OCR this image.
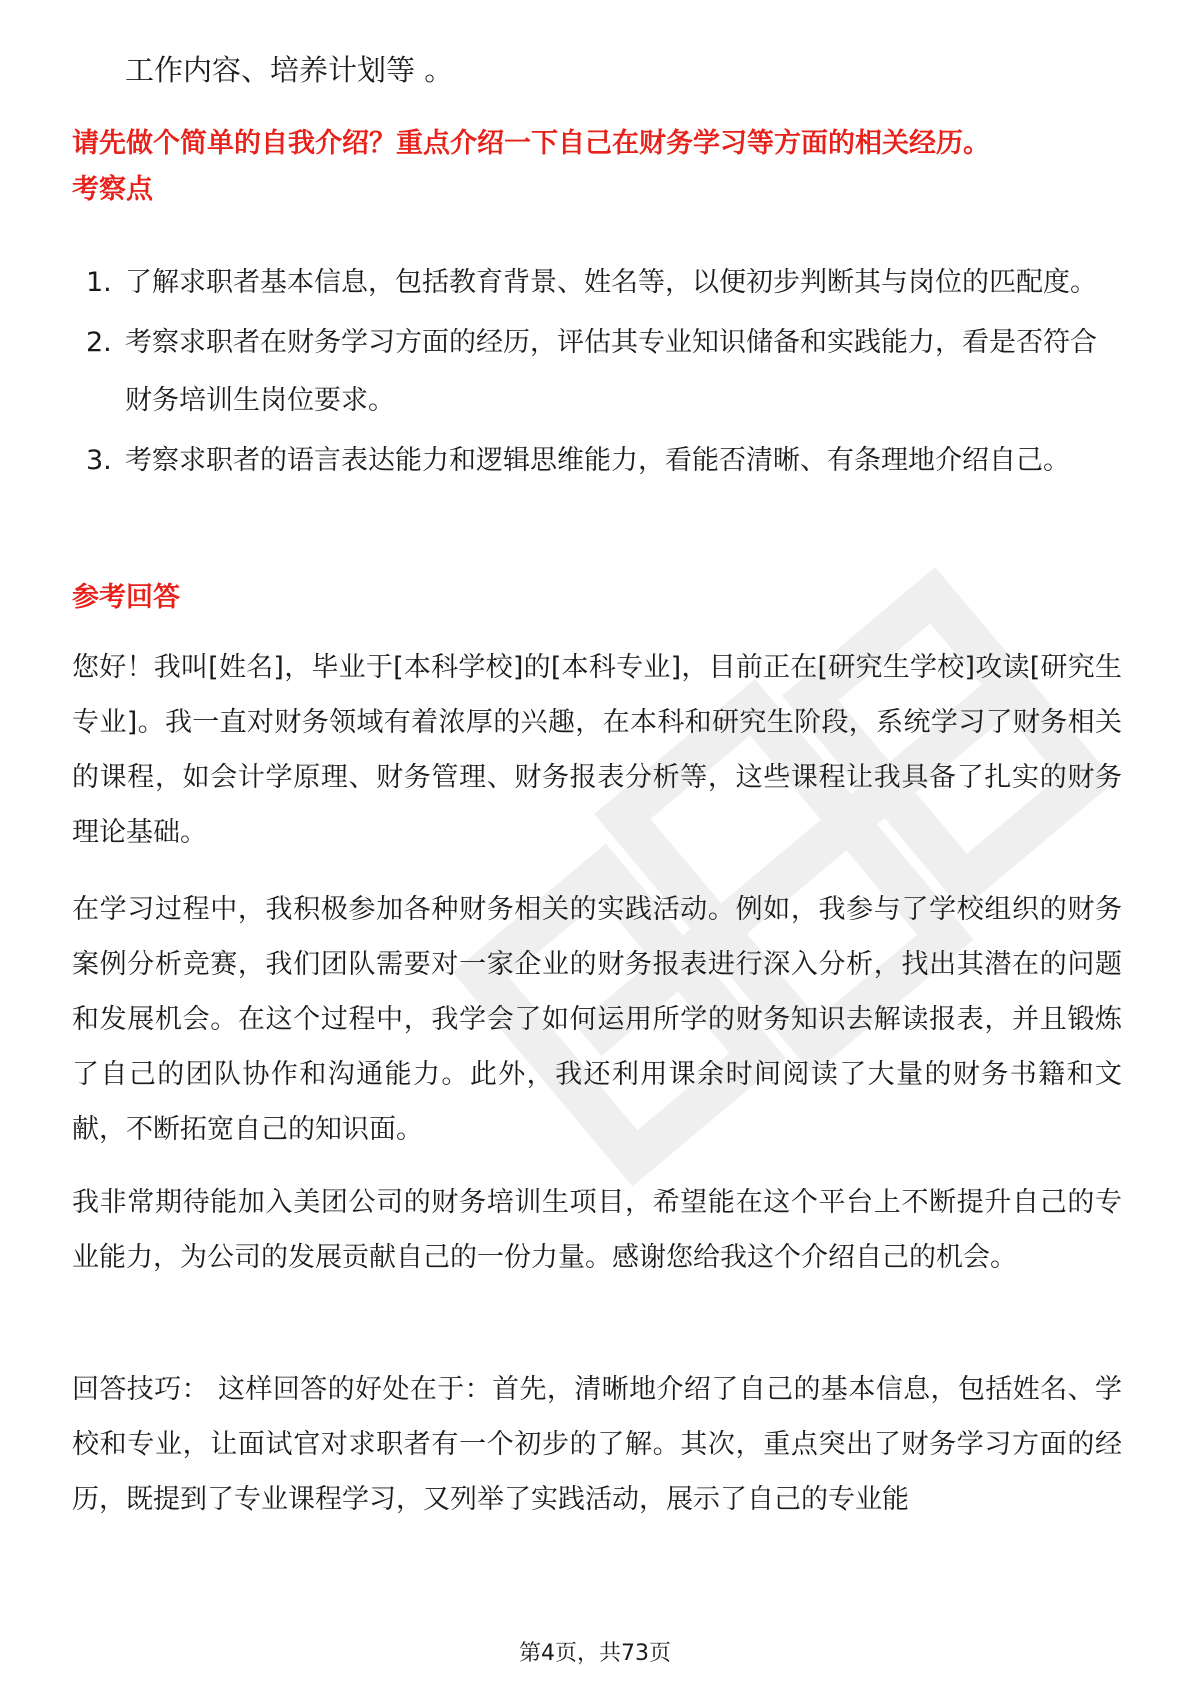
工作内容、培养计划等 。
请先做个简单的自我介绍？重点介绍一下自己在财务学习等方面的相关经历。
考察点
1. 了解求职者基本信息，包括教育背景、姓名等，以便初步判断其与岗位的匹配度。
2. 考察求职者在财务学习方面的经历，评估其专业知识储备和实践能力，看是否符合财务培训生岗位要求。
3. 考察求职者的语言表达能力和逻辑思维能力，看能否清晰、有条理地介绍自己。
参考回答

您好！我叫[姓名]，毕业于[本科学校]的[本科专业]，目前正在[研究生学校]攻读[研究生专业]。我一直对财务领域有着浓厚的兴趣，在本科和研究生阶段，系统学习了财务相关的课程，如会计学原理、财务管理、财务报表分析等，这些课程让我具备了扎实的财务理论基础。

在学习过程中，我积极参加各种财务相关的实践活动。例如，我参与了学校组织的财务案例分析竞赛，我们团队需要对一家企业的财务报表进行深入分析，找出其潜在的问题和发展机会。在这个过程中，我学会了如何运用所学的财务知识去解读报表，并且锻炼了自己的团队协作和沟通能力。此外，我还利用课余时间阅读了大量的财务书籍和文献，不断拓宽自己的知识面。

我非常期待能加入美团公司的财务培训生项目，希望能在这个平台上不断提升自己的专业能力，为公司的发展贡献自己的一份力量。感谢您给我这个介绍自己的机会。

回答技巧： 这样回答的好处在于：首先，清晰地介绍了自己的基本信息，包括姓名、学校和专业，让面试官对求职者有一个初步的了解。其次，重点突出了财务学习方面的经历，既提到了专业课程学习，又列举了实践活动，展示了自己的专业能

第4页，共73页
